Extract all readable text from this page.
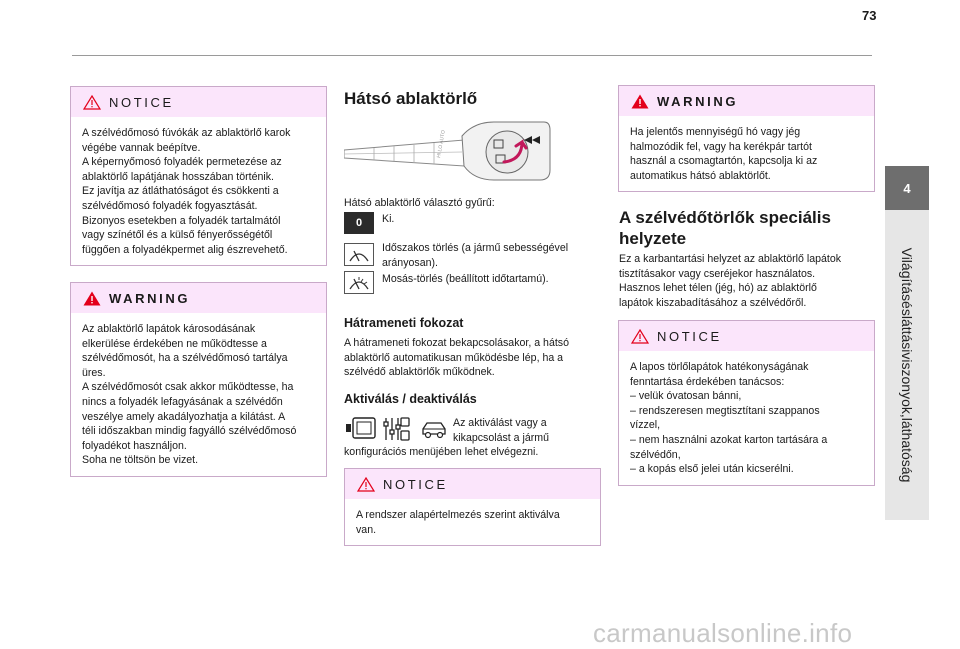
73
4
Világításésláttásiviszonyok,láthatóság
NOTICE

A szélvédőmosó fúvókák az ablaktörlő karok

végébe vannak beépítve.

A képernyőmosó folyadék permetezése az

ablaktörlő lapátjának hosszában történik.

Ez javítja az átláthatóságot és csökkenti a

szélvédőmosó folyadék fogyasztását.

Bizonyos esetekben a folyadék tartalmától

vagy színétől és a külső fényerősségétől

függően a folyadékpermet alig észrevehető.

WARNING

Az ablaktörlő lapátok károsodásának

elkerülése érdekében ne működtesse a

szélvédőmosót, ha a szélvédőmosó tartálya

üres.

A szélvédőmosót csak akkor működtesse, ha

nincs a folyadék lefagyásának a szélvédőn

veszélye amely akadályozhatja a kilátást. A

téli időszakban mindig fagyálló szélvédőmosó

folyadékot használjon.

Soha ne töltsön be vizet.

Hátsó ablaktörlő
HI LO AUTO
Hátsó ablaktörlő választó gyűrű:
0	Ki.
Időszakos törlés (a jármű sebességével arányosan).
Mosás-törlés (beállított időtartamú).
Hátrameneti fokozat

A hátrameneti fokozat bekapcsolásakor, a hátsó

ablaktörlő automatikusan működésbe lép, ha a

szélvédő ablaktörlők működnek.

Aktiválás / deaktiválás

Az aktiválást vagy a

kikapcsolást a jármű

konfigurációs menüjében lehet elvégezni.
NOTICE

A rendszer alapértelmezés szerint aktiválva

van.

WARNING

Ha jelentős mennyiségű hó vagy jég

halmozódik fel, vagy ha kerékpár tartót

használ a csomagtartón, kapcsolja ki az

automatikus hátsó ablaktörlőt.

A szélvédőtörlők speciális
helyzete

Ez a karbantartási helyzet az ablaktörlő lapátok

tisztításakor vagy cseréjekor használatos.

Hasznos lehet télen (jég, hó) az ablaktörlő

lapátok kiszabadításához a szélvédőről.

NOTICE

A lapos törlőlapátok hatékonyságának

fenntartása érdekében tanácsos:

– velük óvatosan bánni,

– rendszeresen megtisztítani szappanos

vízzel,

– nem használni azokat karton tartására a

szélvédőn,

– a kopás első jelei után kicserélni.

carmanualsonline.info
